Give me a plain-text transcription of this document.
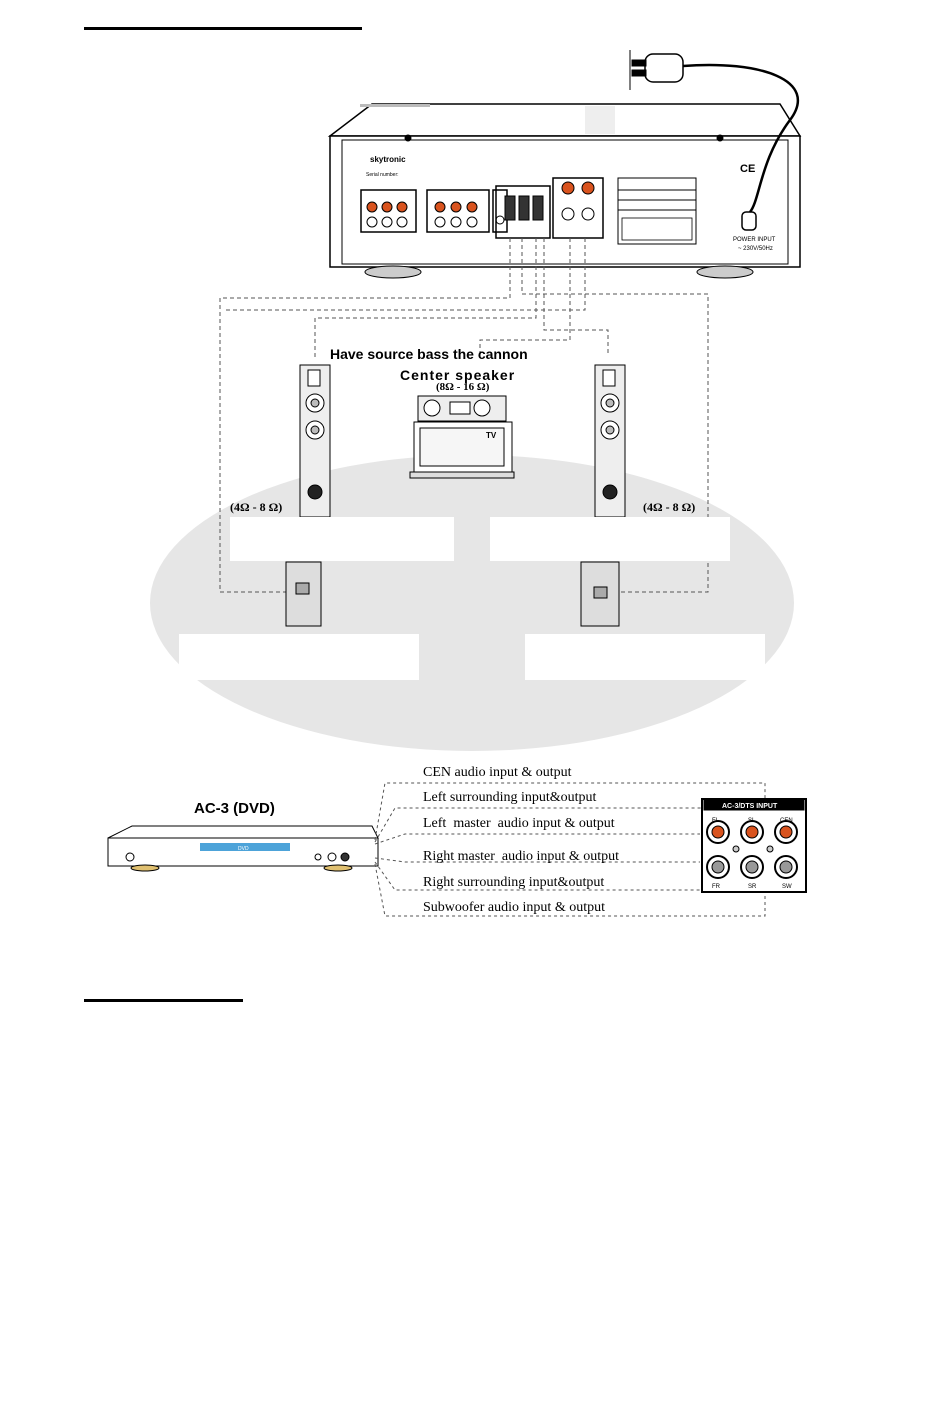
skytronic
Serial number:	CE
POWER INPUT
~ 230V/50Hz
TV
DVD
AC-3/DTS INPUT
FL	SL	CEN
FR	SR	SW
Have source bass the cannon
Center speaker
(8Ω - 16 Ω)
(4Ω - 8 Ω)	(4Ω - 8 Ω)
AC-3 (DVD)
CEN audio input & output
Left surrounding input&output
Left  master  audio input & output
Right master  audio input & output
Right surrounding input&output
Subwoofer audio input & output
